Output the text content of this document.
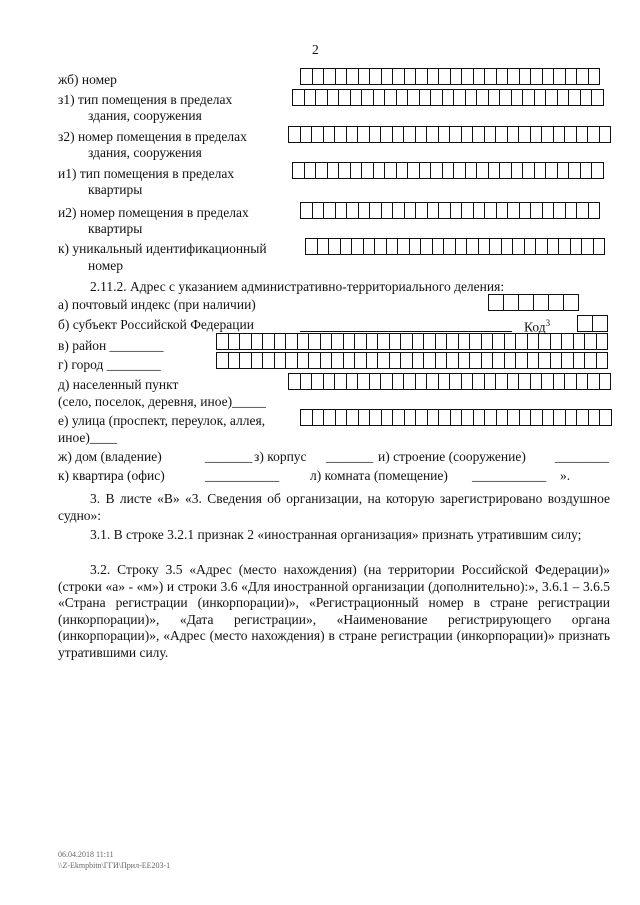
2
жб) номер
з1) тип помещения в пределах
здания, сооружения
з2) номер помещения в пределах
здания, сооружения
и1) тип помещения в пределах
квартиры
и2) номер помещения в пределах
квартиры
к) уникальный идентификационный
номер
2.11.2. Адрес с указанием административно-территориального деления:
а) почтовый индекс (при наличии)
б) субъект Российской Федерации	Код$^3$
в) район ________
г) город ________
д) населенный пункт
(село, поселок, деревня, иное)_____
е) улица (проспект, переулок, аллея,
иное)____
ж) дом (владение)	_______ з) корпус _______ и) строение (сооружение) ________
к) квартира (офис)	___________ л) комната (помещение) ___________ ».
3. В листе «В» «3. Сведения об организации, на которую зарегистрировано воздушное судно»:
3.1. В строке 3.2.1 признак 2 «иностранная организация» признать утратившим силу;
3.2. Строку 3.5 «Адрес (место нахождения) (на территории Российской Федерации)» (строки «а» - «м») и строки 3.6 «Для иностранной организации (дополнительно):», 3.6.1 – 3.6.5 «Страна регистрации (инкорпорации)», «Регистрационный номер в стране регистрации (инкорпорации)», «Дата регистрации», «Наименование регистрирующего органа (инкорпорации)», «Адрес (место нахождения) в стране регистрации (инкорпорации)» признать утратившими силу.
06.04.2018 11:11
\\Z-Ekmpbitn\ГГИ\Прил-ЕЕ203-1
